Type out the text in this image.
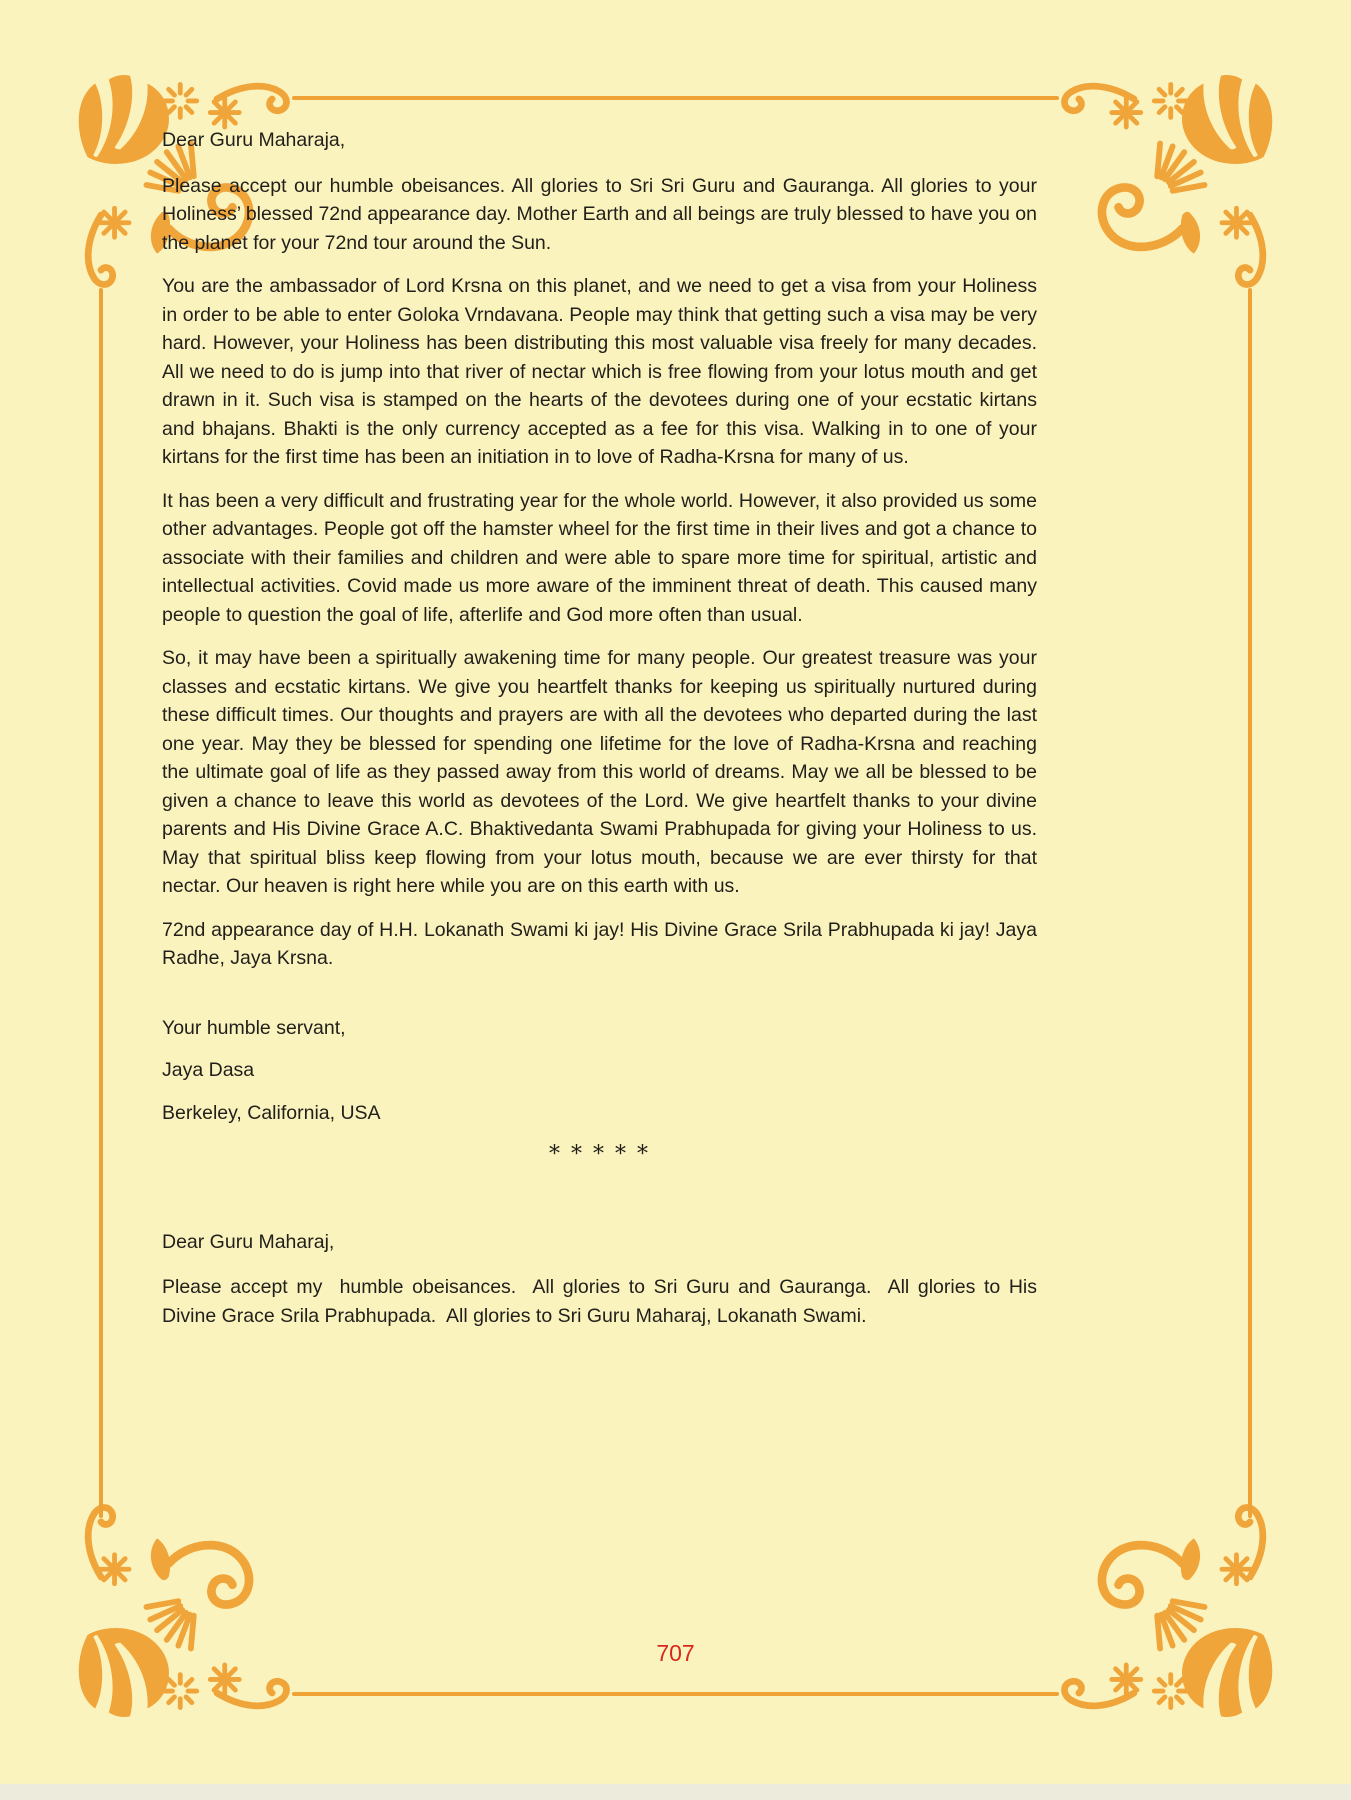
Dear Guru Maharaja,

Please accept our humble obeisances. All glories to Sri Sri Guru and Gauranga. All glories to your Holiness’ blessed 72nd appearance day. Mother Earth and all beings are truly blessed to have you on the planet for your 72nd tour around the Sun.

You are the ambassador of Lord Krsna on this planet, and we need to get a visa from your Holiness in order to be able to enter Goloka Vrndavana. People may think that getting such a visa may be very hard. However, your Holiness has been distributing this most valuable visa freely for many decades. All we need to do is jump into that river of nectar which is free flowing from your lotus mouth and get drawn in it. Such visa is stamped on the hearts of the devotees during one of your ecstatic kirtans and bhajans. Bhakti is the only currency accepted as a fee for this visa. Walking in to one of your kirtans for the first time has been an initiation in to love of Radha-Krsna for many of us.

It has been a very difficult and frustrating year for the whole world. However, it also provided us some other advantages. People got off the hamster wheel for the first time in their lives and got a chance to associate with their families and children and were able to spare more time for spiritual, artistic and intellectual activities. Covid made us more aware of the imminent threat of death. This caused many people to question the goal of life, afterlife and God more often than usual.

So, it may have been a spiritually awakening time for many people. Our greatest treasure was your classes and ecstatic kirtans. We give you heartfelt thanks for keeping us spiritually nurtured during these difficult times. Our thoughts and prayers are with all the devotees who departed during the last one year. May they be blessed for spending one lifetime for the love of Radha-Krsna and reaching the ultimate goal of life as they passed away from this world of dreams. May we all be blessed to be given a chance to leave this world as devotees of the Lord. We give heartfelt thanks to your divine parents and His Divine Grace A.C. Bhaktivedanta Swami Prabhupada for giving your Holiness to us. May that spiritual bliss keep flowing from your lotus mouth, because we are ever thirsty for that nectar. Our heaven is right here while you are on this earth with us.

72nd appearance day of H.H. Lokanath Swami ki jay! His Divine Grace Srila Prabhupada ki jay! Jaya Radhe, Jaya Krsna.

Your humble servant,

Jaya Dasa

Berkeley, California, USA

* * * * *

Dear Guru Maharaj,

Please accept my  humble obeisances.  All glories to Sri Guru and Gauranga.  All glories to His Divine Grace Srila Prabhupada.  All glories to Sri Guru Maharaj, Lokanath Swami.

707
